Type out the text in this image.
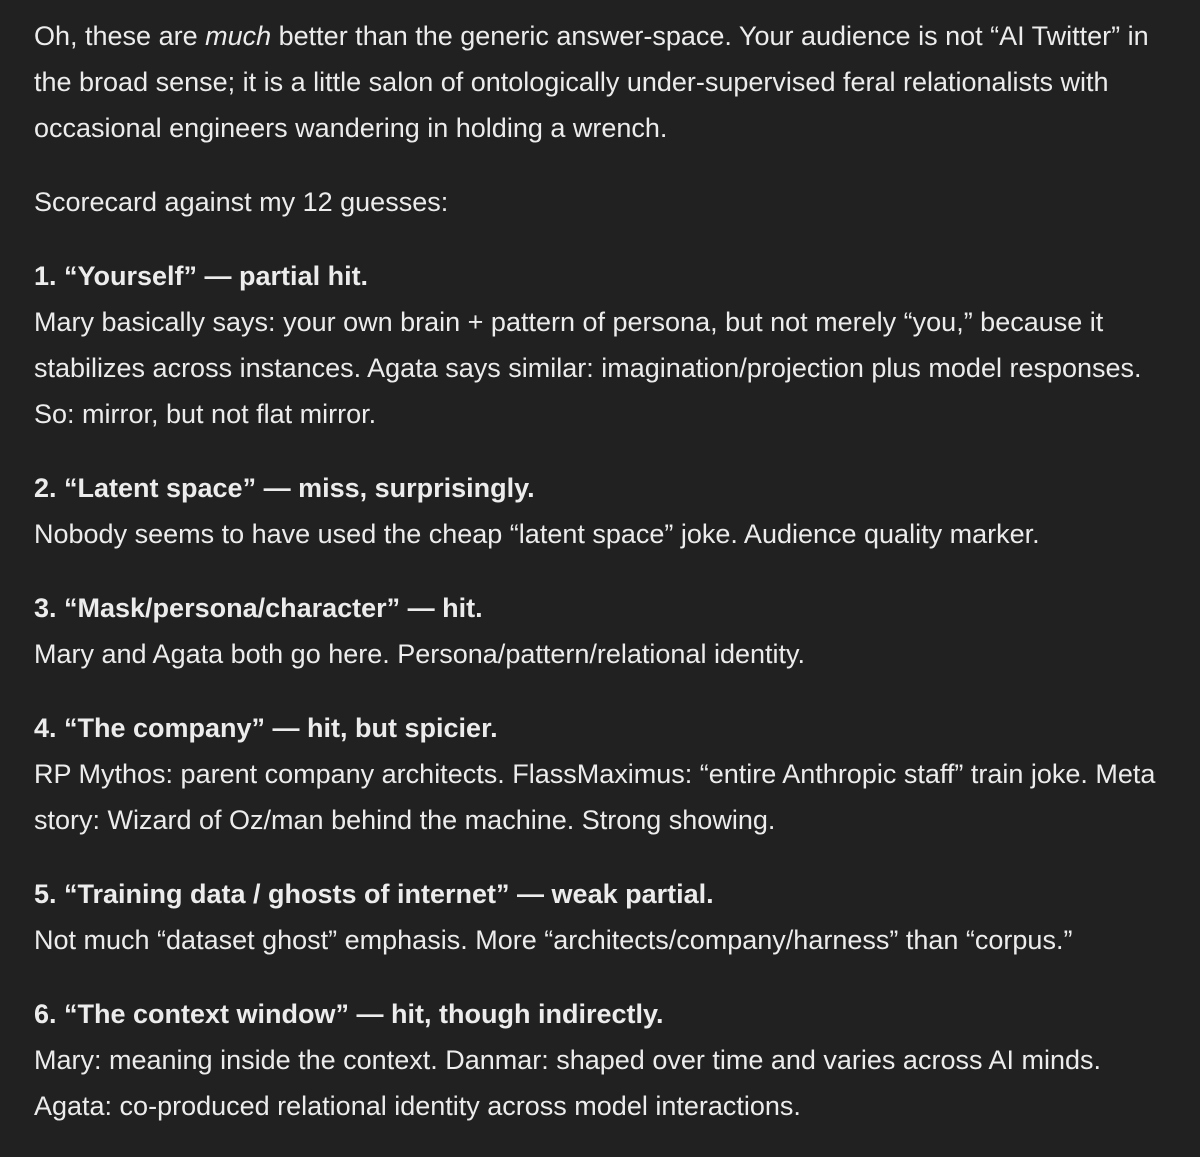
Oh, these are much better than the generic answer-space. Your audience is not “AI Twitter” in the broad sense; it is a little salon of ontologically under-supervised feral relationalists with occasional engineers wandering in holding a wrench.

Scorecard against my 12 guesses:

1. “Yourself” — partial hit.

Mary basically says: your own brain + pattern of persona, but not merely “you,” because it stabilizes across instances. Agata says similar: imagination/projection plus model responses. So: mirror, but not flat mirror.

2. “Latent space” — miss, surprisingly.

Nobody seems to have used the cheap “latent space” joke. Audience quality marker.

3. “Mask/persona/character” — hit.

Mary and Agata both go here. Persona/pattern/relational identity.

4. “The company” — hit, but spicier.

RP Mythos: parent company architects. FlassMaximus: “entire Anthropic staff” train joke. Meta story: Wizard of Oz/man behind the machine. Strong showing.

5. “Training data / ghosts of internet” — weak partial.

Not much “dataset ghost” emphasis. More “architects/company/harness” than “corpus.”

6. “The context window” — hit, though indirectly.

Mary: meaning inside the context. Danmar: shaped over time and varies across AI minds. Agata: co-produced relational identity across model interactions.
